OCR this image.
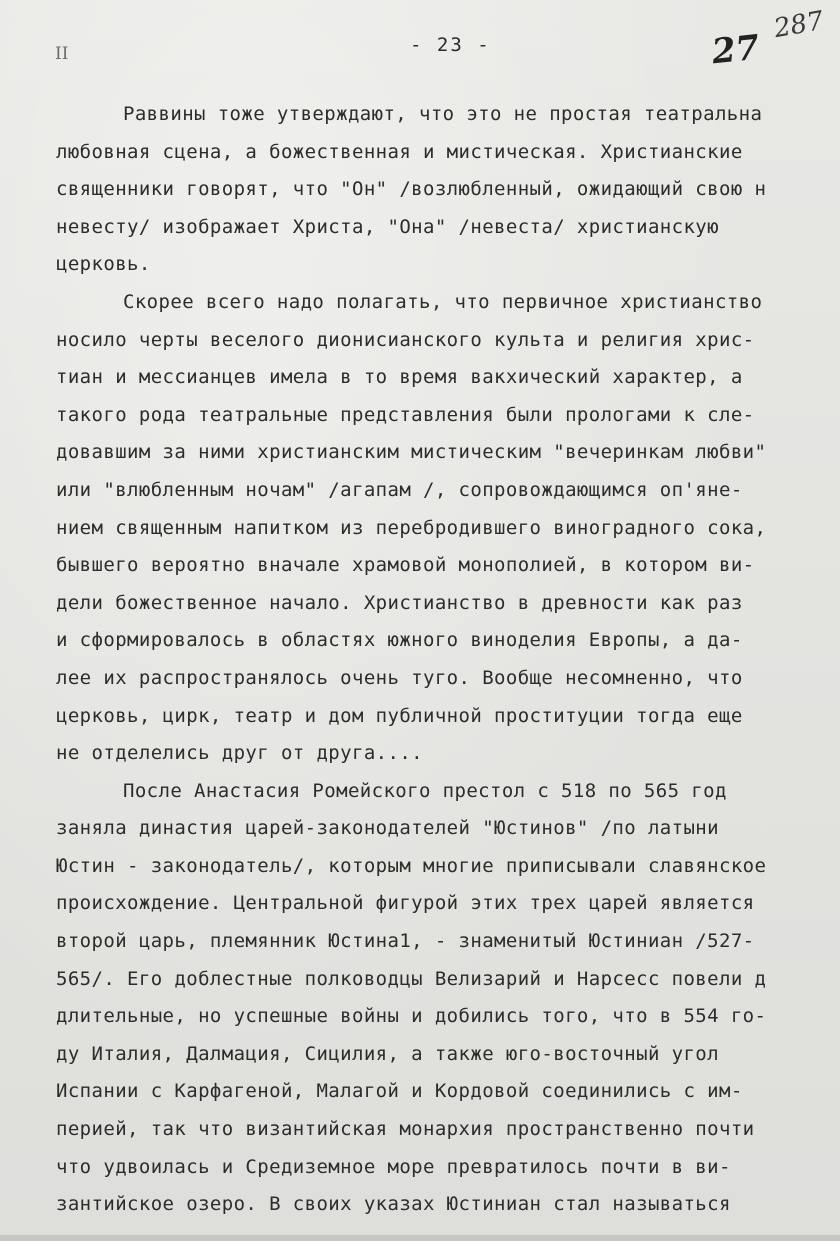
II	- 23 -	27
287
Раввины тоже утверждают, что это не простая театральна
любовная сцена, а божественная и мистическая. Христианские
священники говорят, что "Он" /возлюбленный, ожидающий свою н
невесту/ изображает Христа, "Она" /невеста/ христианскую
церковь.
Скорее всего надо полагать, что первичное христианство
носило черты веселого дионисианского культа и религия хрис-
тиан и мессианцев имела в то время вакхический характер, а
такого рода театральные представления были прологами к сле-
довавшим за ними христианским мистическим "вечеринкам любви"
или "влюбленным ночам" /агапам /, сопровождающимся оп'яне-
нием священным напитком из перебродившего виноградного сока,
бывшего вероятно вначале храмовой монополией, в котором ви-
дели божественное начало. Христианство в древности как раз
и сформировалось в областях южного виноделия Европы, а да-
лее их распространялось очень туго. Вообще несомненно, что
церковь, цирк, театр и дом публичной проституции тогда еще
не отделелись друг от друга....
После Анастасия Ромейского престол с 518 по 565 год
заняла династия царей-законодателей "Юстинов" /по латыни
Юстин - законодатель/, которым многие приписывали славянское
происхождение. Центральной фигурой этих трех царей является
второй царь, племянник Юстина1, - знаменитый Юстиниан /527-
565/. Его доблестные полководцы Велизарий и Нарсесс повели д
длительные, но успешные войны и добились того, что в 554 го-
ду Италия, Далмация, Сицилия, а также юго-восточный угол
Испании с Карфагеной, Малагой и Кордовой соединились с им-
перией, так что византийская монархия пространственно почти
что удвоилась и Средиземное море превратилось почти в ви-
зантийское озеро. В своих указах Юстиниан стал называться
